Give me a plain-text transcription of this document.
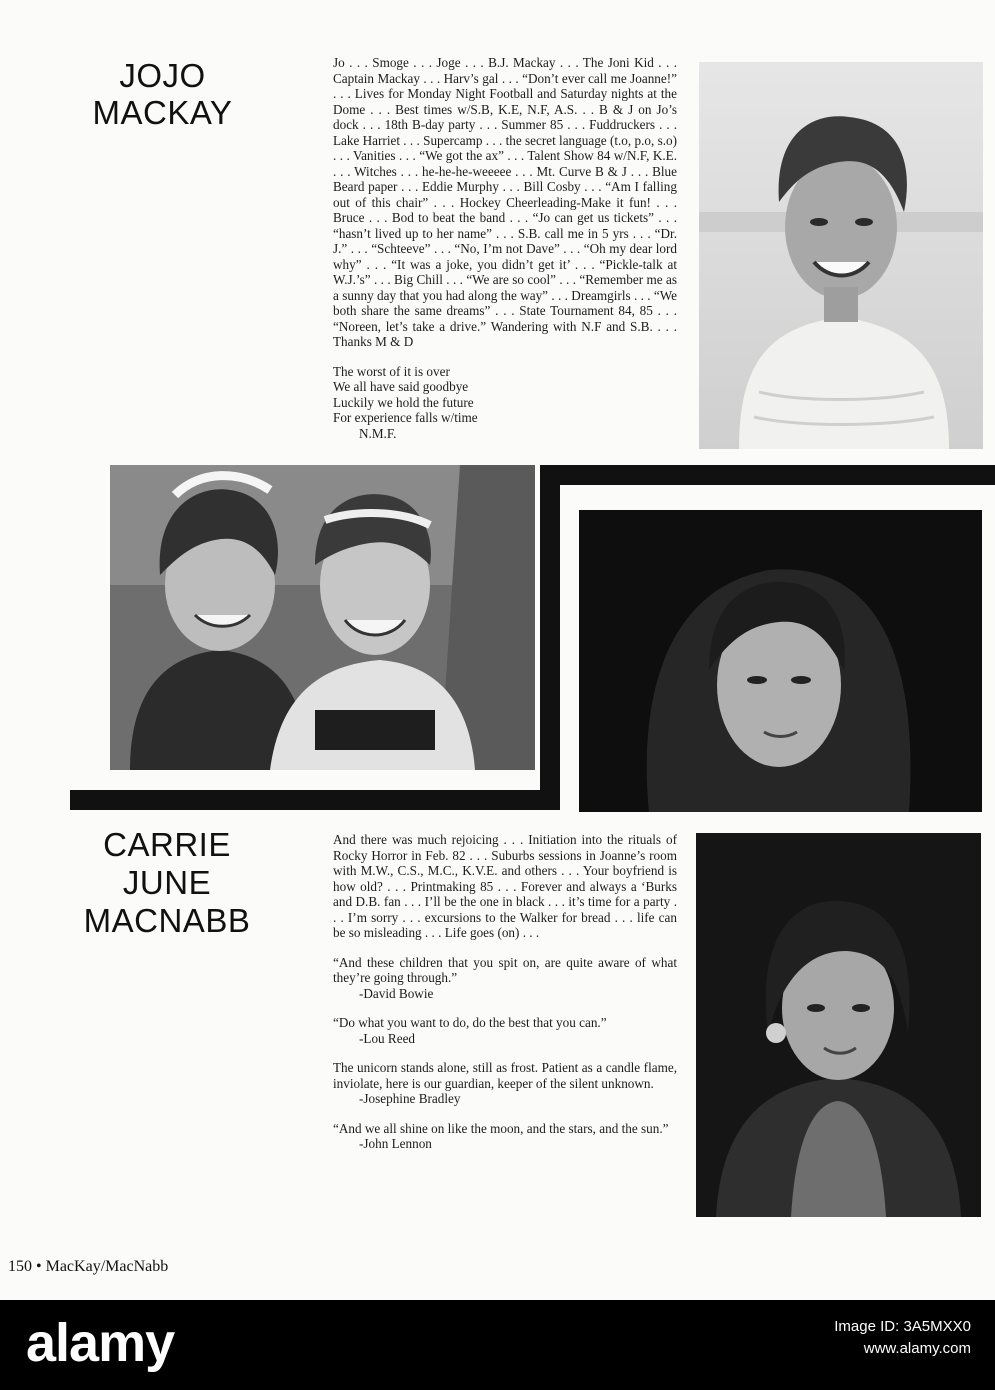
JOJO
MACKAY

Jo . . . Smoge . . . Joge . . . B.J. Mackay . . . The Joni Kid . . . Captain Mackay . . . Harv’s gal . . . “Don’t ever call me Joanne!” . . . Lives for Monday Night Football and Saturday nights at the Dome . . . Best times w/S.B, K.E, N.F, A.S. . . B & J on Jo’s dock . . . 18th B-day party . . . Summer 85 . . . Fuddruckers . . . Lake Harriet . . . Supercamp . . . the secret language (t.o, p.o, s.o) . . . Vanities . . . “We got the ax” . . . Talent Show 84 w/N.F, K.E. . . . Witches . . . he-he-he-weeeee . . . Mt. Curve B & J . . . Blue Beard paper . . . Eddie Murphy . . . Bill Cosby . . . “Am I falling out of this chair” . . . Hockey Cheerleading-Make it fun! . . . Bruce . . . Bod to beat the band . . . “Jo can get us tickets” . . . “hasn’t lived up to her name” . . . S.B. call me in 5 yrs . . . “Dr. J.” . . . “Schteeve” . . . “No, I’m not Dave” . . . “Oh my dear lord why” . . . “It was a joke, you didn’t get it’ . . . “Pickle-talk at W.J.’s” . . . Big Chill . . . “We are so cool” . . . “Remember me as a sunny day that you had along the way” . . . Dreamgirls . . . “We both share the same dreams” . . . State Tournament 84, 85 . . . “Noreen, let’s take a drive.” Wandering with N.F and S.B. . . . Thanks M & D

The worst of it is over
We all have said goodbye
Luckily we hold the future
For experience falls w/time
N.M.F.
CARRIE
JUNE
MACNABB

And there was much rejoicing . . . Initiation into the rituals of Rocky Horror in Feb. 82 . . . Suburbs sessions in Joanne’s room with M.W., C.S., M.C., K.V.E. and others . . . Your boyfriend is how old? . . . Printmaking 85 . . . Forever and always a ‘Burks and D.B. fan . . . I’ll be the one in black . . . it’s time for a party . . . I’m sorry . . . excursions to the Walker for bread . . . life can be so misleading . . . Life goes (on) . . .

“And these children that you spit on, are quite aware of what they’re going through.”
-David Bowie

“Do what you want to do, do the best that you can.”
-Lou Reed

The unicorn stands alone, still as frost. Patient as a candle flame, inviolate, here is our guardian, keeper of the silent unknown.
-Josephine Bradley

“And we all shine on like the moon, and the stars, and the sun.”
-John Lennon

150 • MacKay/MacNabb
alamy	Image ID: 3A5MXX0
www.alamy.com
